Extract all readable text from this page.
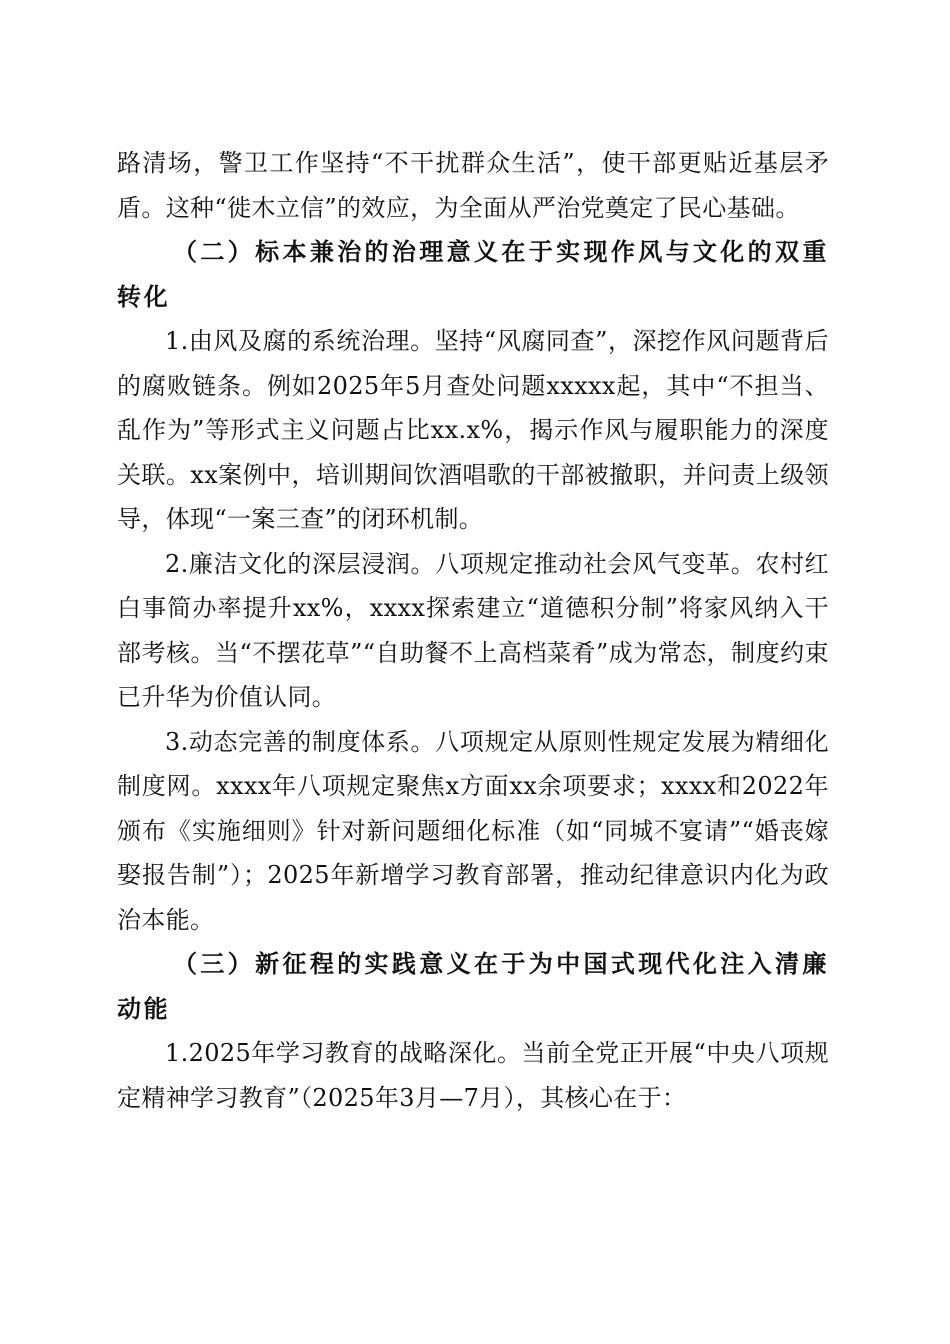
路清场，警卫工作坚持“不干扰群众生活”，使干部更贴近基层矛盾。这种“徙木立信”的效应，为全面从严治党奠定了民心基础。

（二）标本兼治的治理意义在于实现作风与文化的双重转化

1.由风及腐的系统治理。坚持“风腐同查”，深挖作风问题背后的腐败链条。例如2025年5月查处问题xxxxx起，其中“不担当、乱作为”等形式主义问题占比xx.x%，揭示作风与履职能力的深度关联。xx案例中，培训期间饮酒唱歌的干部被撤职，并问责上级领导，体现“一案三查”的闭环机制。

2.廉洁文化的深层浸润。八项规定推动社会风气变革。农村红白事简办率提升xx%，xxxx探索建立“道德积分制”将家风纳入干部考核。当“不摆花草”“自助餐不上高档菜肴”成为常态，制度约束已升华为价值认同。

3.动态完善的制度体系。八项规定从原则性规定发展为精细化制度网。xxxx年八项规定聚焦x方面xx余项要求；xxxx和2022年颁布《实施细则》针对新问题细化标准（如“同城不宴请”“婚丧嫁娶报告制”）；2025年新增学习教育部署，推动纪律意识内化为政治本能。

（三）新征程的实践意义在于为中国式现代化注入清廉动能

1.2025年学习教育的战略深化。当前全党正开展“中央八项规定精神学习教育”（2025年3月—7月），其核心在于：
